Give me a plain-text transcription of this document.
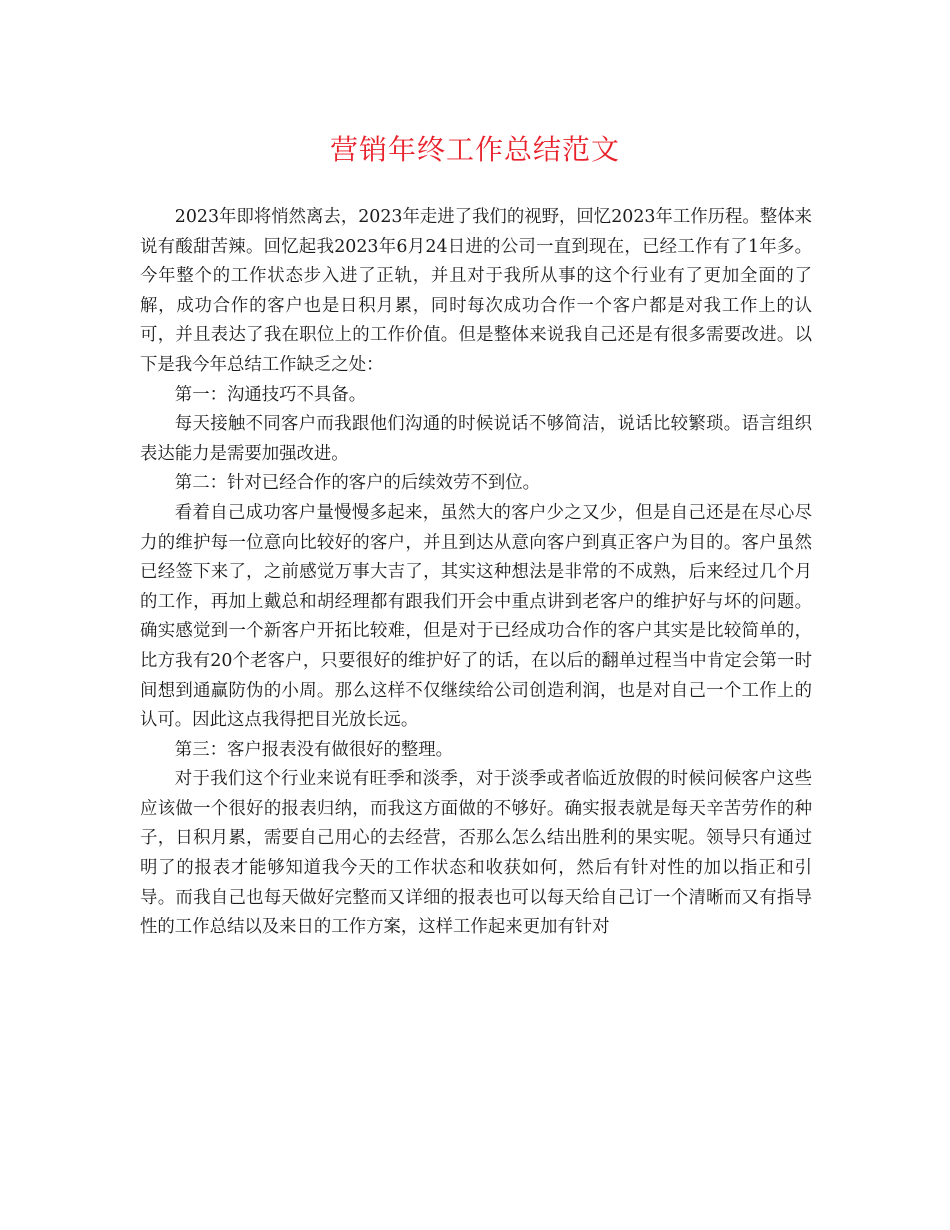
营销年终工作总结范文

2023年即将悄然离去，2023年走进了我们的视野，回忆2023年工作历程。整体来说有酸甜苦辣。回忆起我2023年6月24日进的公司一直到现在，已经工作有了1年多。今年整个的工作状态步入进了正轨，并且对于我所从事的这个行业有了更加全面的了解，成功合作的客户也是日积月累，同时每次成功合作一个客户都是对我工作上的认可，并且表达了我在职位上的工作价值。但是整体来说我自己还是有很多需要改进。以下是我今年总结工作缺乏之处：

第一：沟通技巧不具备。

每天接触不同客户而我跟他们沟通的时候说话不够简洁，说话比较繁琐。语言组织表达能力是需要加强改进。

第二：针对已经合作的客户的后续效劳不到位。

看着自己成功客户量慢慢多起来，虽然大的客户少之又少，但是自己还是在尽心尽力的维护每一位意向比较好的客户，并且到达从意向客户到真正客户为目的。客户虽然已经签下来了，之前感觉万事大吉了，其实这种想法是非常的不成熟，后来经过几个月的工作，再加上戴总和胡经理都有跟我们开会中重点讲到老客户的维护好与坏的问题。确实感觉到一个新客户开拓比较难，但是对于已经成功合作的客户其实是比较简单的，比方我有20个老客户，只要很好的维护好了的话，在以后的翻单过程当中肯定会第一时间想到通赢防伪的小周。那么这样不仅继续给公司创造利润，也是对自己一个工作上的认可。因此这点我得把目光放长远。

第三：客户报表没有做很好的整理。

对于我们这个行业来说有旺季和淡季，对于淡季或者临近放假的时候问候客户这些应该做一个很好的报表归纳，而我这方面做的不够好。确实报表就是每天辛苦劳作的种子，日积月累，需要自己用心的去经营，否那么怎么结出胜利的果实呢。领导只有通过明了的报表才能够知道我今天的工作状态和收获如何，然后有针对性的加以指正和引导。而我自己也每天做好完整而又详细的报表也可以每天给自己订一个清晰而又有指导性的工作总结以及来日的工作方案，这样工作起来更加有针对
